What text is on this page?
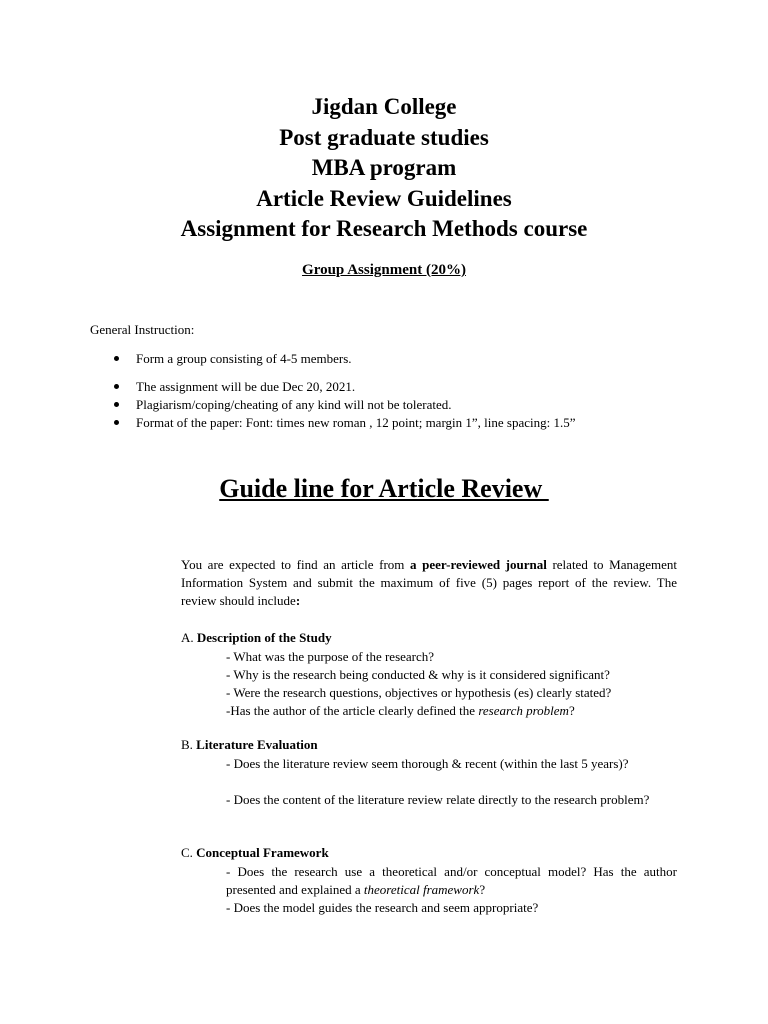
Jigdan College
Post graduate studies
MBA program
Article Review Guidelines
Assignment for Research Methods course
Group Assignment (20%)
General Instruction:
Form a group consisting of 4-5 members.
The assignment will be due Dec 20, 2021.
Plagiarism/coping/cheating of any kind will not be tolerated.
Format of the paper: Font: times new roman , 12 point; margin 1”, line spacing: 1.5”
Guide line for Article Review
You are expected to find an article from a peer-reviewed journal related to Management Information System and submit the maximum of five (5) pages report of the review. The review should include:
A. Description of the Study
- What was the purpose of the research?
- Why is the research being conducted & why is it considered significant?
- Were the research questions, objectives or hypothesis (es) clearly stated?
-Has the author of the article clearly defined the research problem?
B. Literature Evaluation
- Does the literature review seem thorough & recent (within the last 5 years)?
- Does the content of the literature review relate directly to the research problem?
C. Conceptual Framework
- Does the research use a theoretical and/or conceptual model? Has the author presented and explained a theoretical framework?
- Does the model guides the research and seem appropriate?
